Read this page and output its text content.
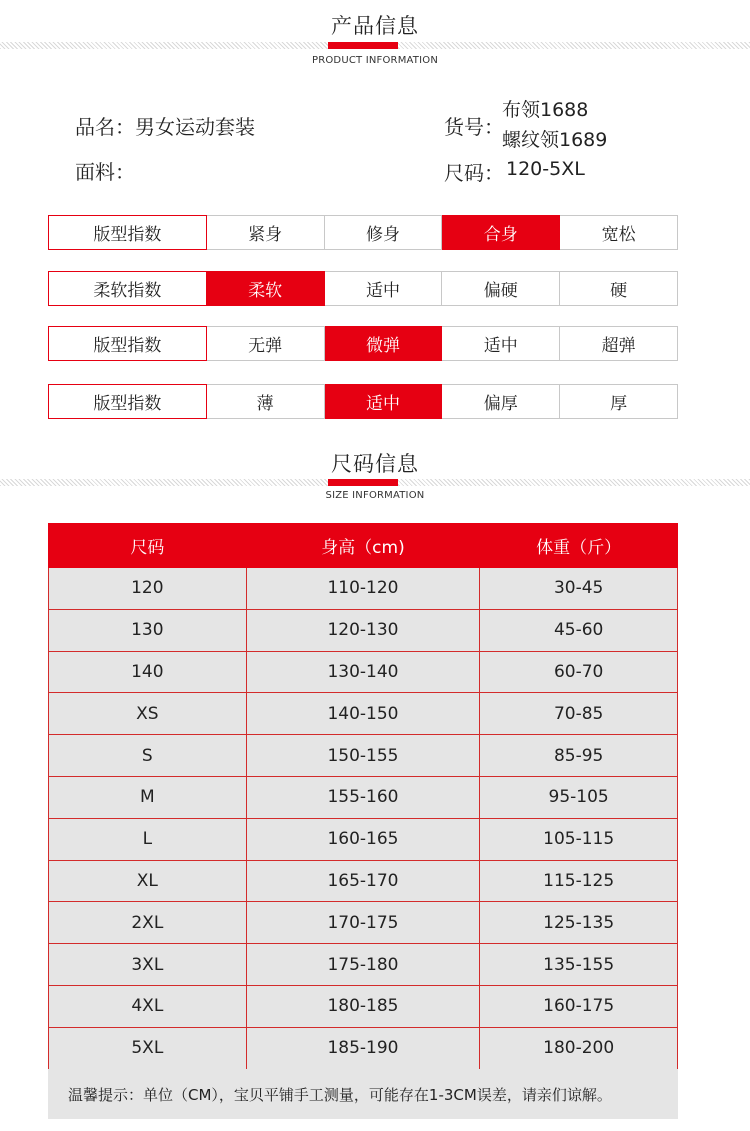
产品信息
PRODUCT INFORMATION
品名：男女运动套装	货号：
布领1688
螺纹领1689
面料：	尺码： 120-5XL
版型指数	紧身	修身	合身	宽松
柔软指数	柔软	适中	偏硬	硬
版型指数	无弹	微弹	适中	超弹
版型指数	薄	适中	偏厚	厚
尺码信息
SIZE INFORMATION
尺码	身高（cm)	体重（斤）
120	110-120	30-45
130	120-130	45-60
140	130-140	60-70
XS	140-150	70-85
S	150-155	85-95
M	155-160	95-105
L	160-165	105-115
XL	165-170	115-125
2XL	170-175	125-135
3XL	175-180	135-155
4XL	180-185	160-175
5XL	185-190	180-200
温馨提示：单位（CM），宝贝平铺手工测量，可能存在1-3CM误差，请亲们谅解。
